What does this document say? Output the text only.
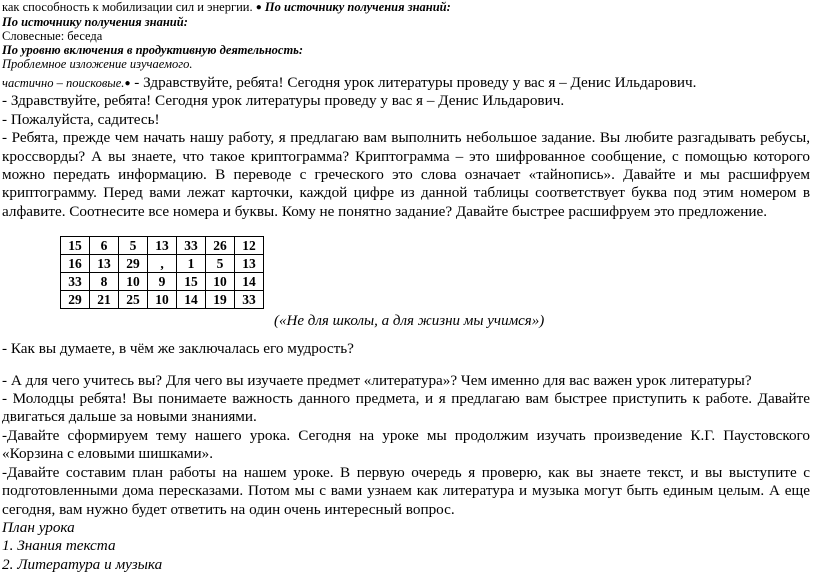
как способность к мобилизации сил и энергии. ● По источнику получения знаний:
По источнику получения знаний:
Словесные: беседа
По уровню включения в продуктивную деятельность:
Проблемное изложение изучаемого.
частично – поисковые.● - Здравствуйте, ребята! Сегодня урок литературы проведу у вас я – Денис Ильдарович.
- Здравствуйте, ребята! Сегодня урок литературы проведу у вас я – Денис Ильдарович.
- Пожалуйста, садитесь!
- Ребята, прежде чем начать нашу работу, я предлагаю вам выполнить небольшое задание. Вы любите разгадывать ребусы, кроссворды? А вы знаете, что такое криптограмма? Криптограмма – это шифрованное сообщение, с помощью которого можно передать информацию. В переводе с греческого это слова означает «тайнопись». Давайте и мы расшифруем криптограмму. Перед вами лежат карточки, каждой цифре из данной таблицы соответствует буква под этим номером в алфавите. Соотнесите все номера и буквы. Кому не понятно задание? Давайте быстрее расшифруем это предложение.
15	6	5	13	33	26	12
16	13	29	,	1	5	13
33	8	10	9	15	10	14
29	21	25	10	14	19	33
(«Не для школы, а для жизни мы учимся»)
- Как вы думаете, в чём же заключалась его мудрость?
- А для чего учитесь вы? Для чего вы изучаете предмет «литература»? Чем именно для вас важен урок литературы?
- Молодцы ребята! Вы понимаете важность данного предмета, и я предлагаю вам быстрее приступить к работе. Давайте двигаться дальше за новыми знаниями.
-Давайте сформируем тему нашего урока. Сегодня на уроке мы продолжим изучать произведение К.Г. Паустовского «Корзина с еловыми шишками».
-Давайте составим план работы на нашем уроке. В первую очередь я проверю, как вы знаете текст, и вы выступите с подготовленными дома пересказами. Потом мы с вами узнаем как литература и музыка могут быть единым целым. А еще сегодня, вам нужно будет ответить на один очень интересный вопрос.
План урока
1. Знания текста
2. Литература и музыка
